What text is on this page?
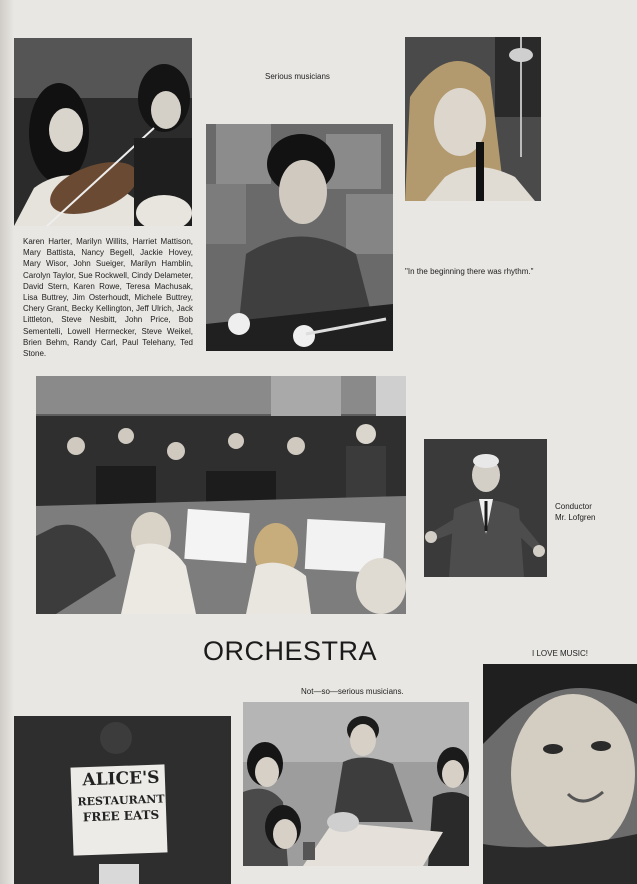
Serious musicians
Karen Harter, Marilyn Willits, Harriet Mattison, Mary Battista, Nancy Begell, Jackie Hovey, Mary Wisor, John Sueiger, Marilyn Hamblin, Carolyn Taylor, Sue Rockwell, Cindy Delameter, David Stern, Karen Rowe, Teresa Machusak, Lisa Buttrey, Jim Osterhoudt, Michele Buttrey, Chery Grant, Becky Kellington, Jeff Ulrich, Jack Littleton, Steve Nesbitt, John Price, Bob Sementelli, Lowell Herrnecker, Steve Weikel, Brien Behm, Randy Carl, Paul Telehany, Ted Stone.
"In the beginning there was rhythm."
Conductor
Mr. Lofgren
ORCHESTRA	I LOVE MUSIC!
Not—so—serious musicians.
ALICE'S
RESTAURANT
FREE EATS
